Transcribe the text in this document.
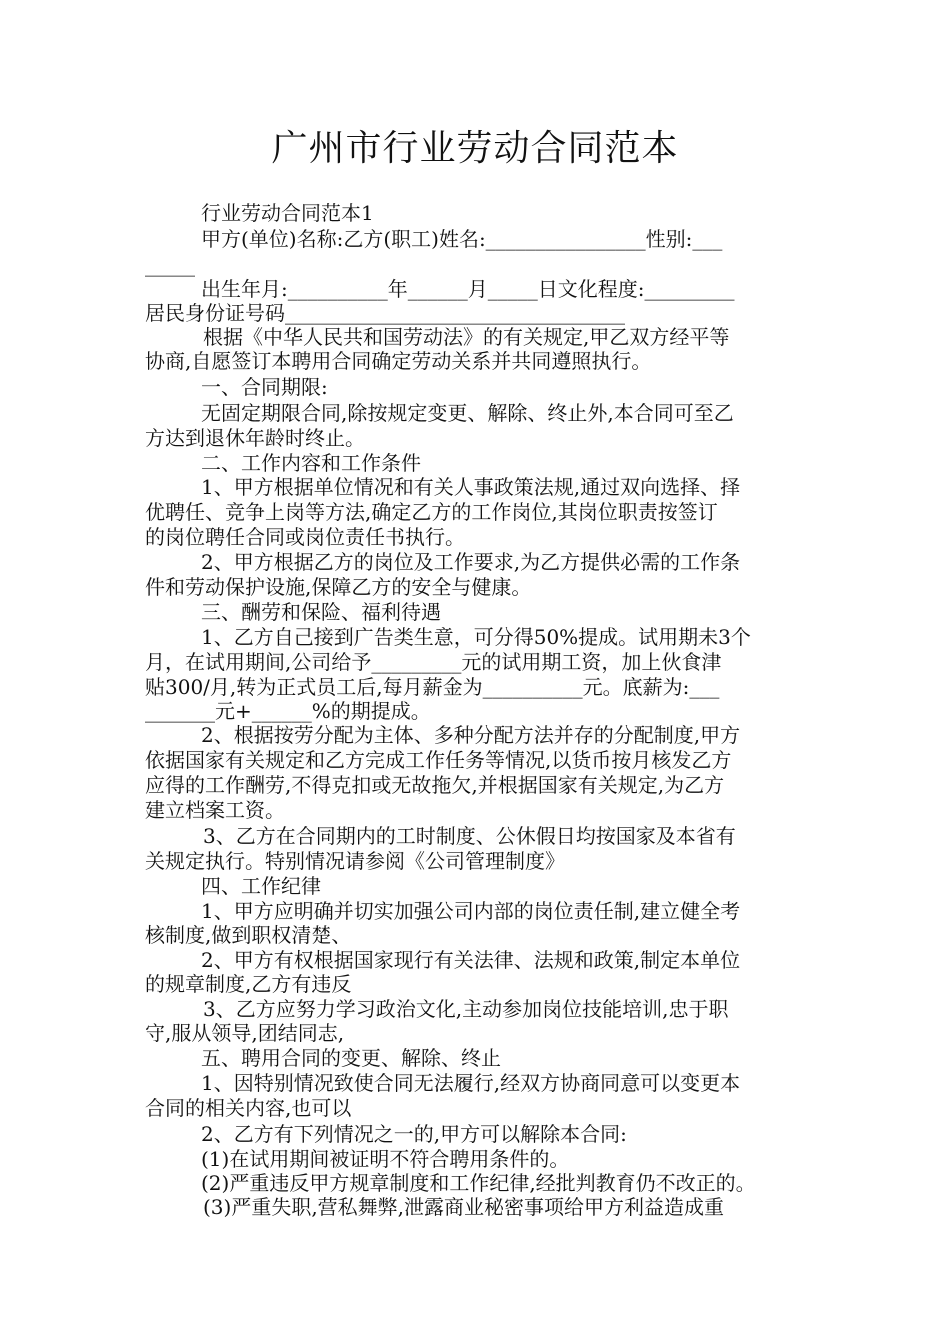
广州市行业劳动合同范本
行业劳动合同范本1
甲方(单位)名称:乙方(职工)姓名:________________性别:___
_____
出生年月:__________年______月_____日文化程度:_________
居民身份证号码__________________________________
根据《中华人民共和国劳动法》的有关规定,甲乙双方经平等
协商,自愿签订本聘用合同确定劳动关系并共同遵照执行。
一、合同期限:
无固定期限合同,除按规定变更、解除、终止外,本合同可至乙
方达到退休年龄时终止。
二、工作内容和工作条件
1、甲方根据单位情况和有关人事政策法规,通过双向选择、择
优聘任、竞争上岗等方法,确定乙方的工作岗位,其岗位职责按签订
的岗位聘任合同或岗位责任书执行。
2、甲方根据乙方的岗位及工作要求,为乙方提供必需的工作条
件和劳动保护设施,保障乙方的安全与健康。
三、酬劳和保险、福利待遇
1、乙方自己接到广告类生意，可分得50%提成。试用期未3个
月，在试用期间,公司给予_________元的试用期工资，加上伙食津
贴300/月,转为正式员工后,每月薪金为__________元。底薪为:___
_______元+______%的期提成。
2、根据按劳分配为主体、多种分配方法并存的分配制度,甲方
依据国家有关规定和乙方完成工作任务等情况,以货币按月核发乙方
应得的工作酬劳,不得克扣或无故拖欠,并根据国家有关规定,为乙方
建立档案工资。
3、乙方在合同期内的工时制度、公休假日均按国家及本省有
关规定执行。特别情况请参阅《公司管理制度》
四、工作纪律
1、甲方应明确并切实加强公司内部的岗位责任制,建立健全考
核制度,做到职权清楚、
2、甲方有权根据国家现行有关法律、法规和政策,制定本单位
的规章制度,乙方有违反
3、乙方应努力学习政治文化,主动参加岗位技能培训,忠于职
守,服从领导,团结同志,
五、聘用合同的变更、解除、终止
1、因特别情况致使合同无法履行,经双方协商同意可以变更本
合同的相关内容,也可以
2、乙方有下列情况之一的,甲方可以解除本合同:
(1)在试用期间被证明不符合聘用条件的。
(2)严重违反甲方规章制度和工作纪律,经批判教育仍不改正的。
(3)严重失职,营私舞弊,泄露商业秘密事项给甲方利益造成重
